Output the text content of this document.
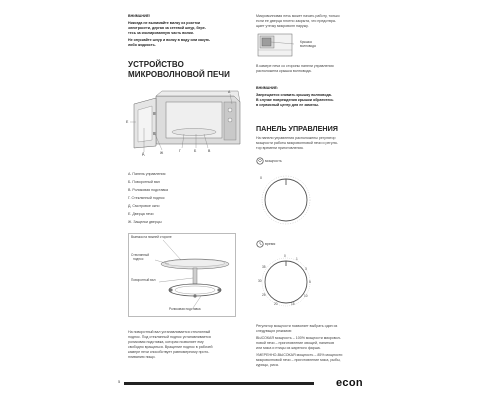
ВНИМАНИЕ!
Никогда не вынимайте вилку из розетки
электросети, дергая за сетевой шнур, бере-
тесь за изолированную часть вилки.
Не опускайте шнур и вилку в воду или какую-
либо жидкость.
УСТРОЙСТВО
МИКРОВОЛНОВОЙ ПЕЧИ
А
Б	В
Г
Д
Е
Ж
А. Панель управления
Б. Поворотный вал
В. Роликовая подставка
Г. Стеклянный поднос
Д. Смотровое окно
Е. Дверца печи
Ж. Защелки дверцы
Выемка на нижней стороне
Стеклянный
поднос
Поворотный вал
Роликовая подставка
На поворотный вал устанавливается стеклянный
поднос. Под стеклянный поднос устанавливается
роликовая подставка, которая позволяет ему
свободно вращаться. Вращение поднос в рабочей
камере печи способствует равномерному прото-
пливанию пищи.
Микроволновая печь может начать работу, только
если ее дверца плотно закрыта, что предотвра-
щает утечку микроволн наружу.
Крышка
волновода
В камере печи со стороны панели управления
расположена крышка волновода.
ВНИМАНИЕ:
Запрещается снимать крышку волновода.
В случае повреждения крышки обратитесь
в сервисный центр для ее замены.
ПАНЕЛЬ УПРАВЛЕНИЯ
На панели управления расположены регулятор
мощности работы микроволновой печи и регуля-
тор времени приготовления.
мощность
0
время
0
1
3
5
10
15
20
25
30
35
Регулятор мощности позволяет выбрать один из
следующих режимов:
ВЫСОКАЯ мощность – 100% мощности микровол-
новой печи – приготовление овощей, напитков
или мяса и птицы из жареного фарша.
УМЕРЕННО-ВЫСОКАЯ мощность – 85% мощности
микроволновой печи – приготовление мяса, рыбы,
курицы, риса.
5	econ
